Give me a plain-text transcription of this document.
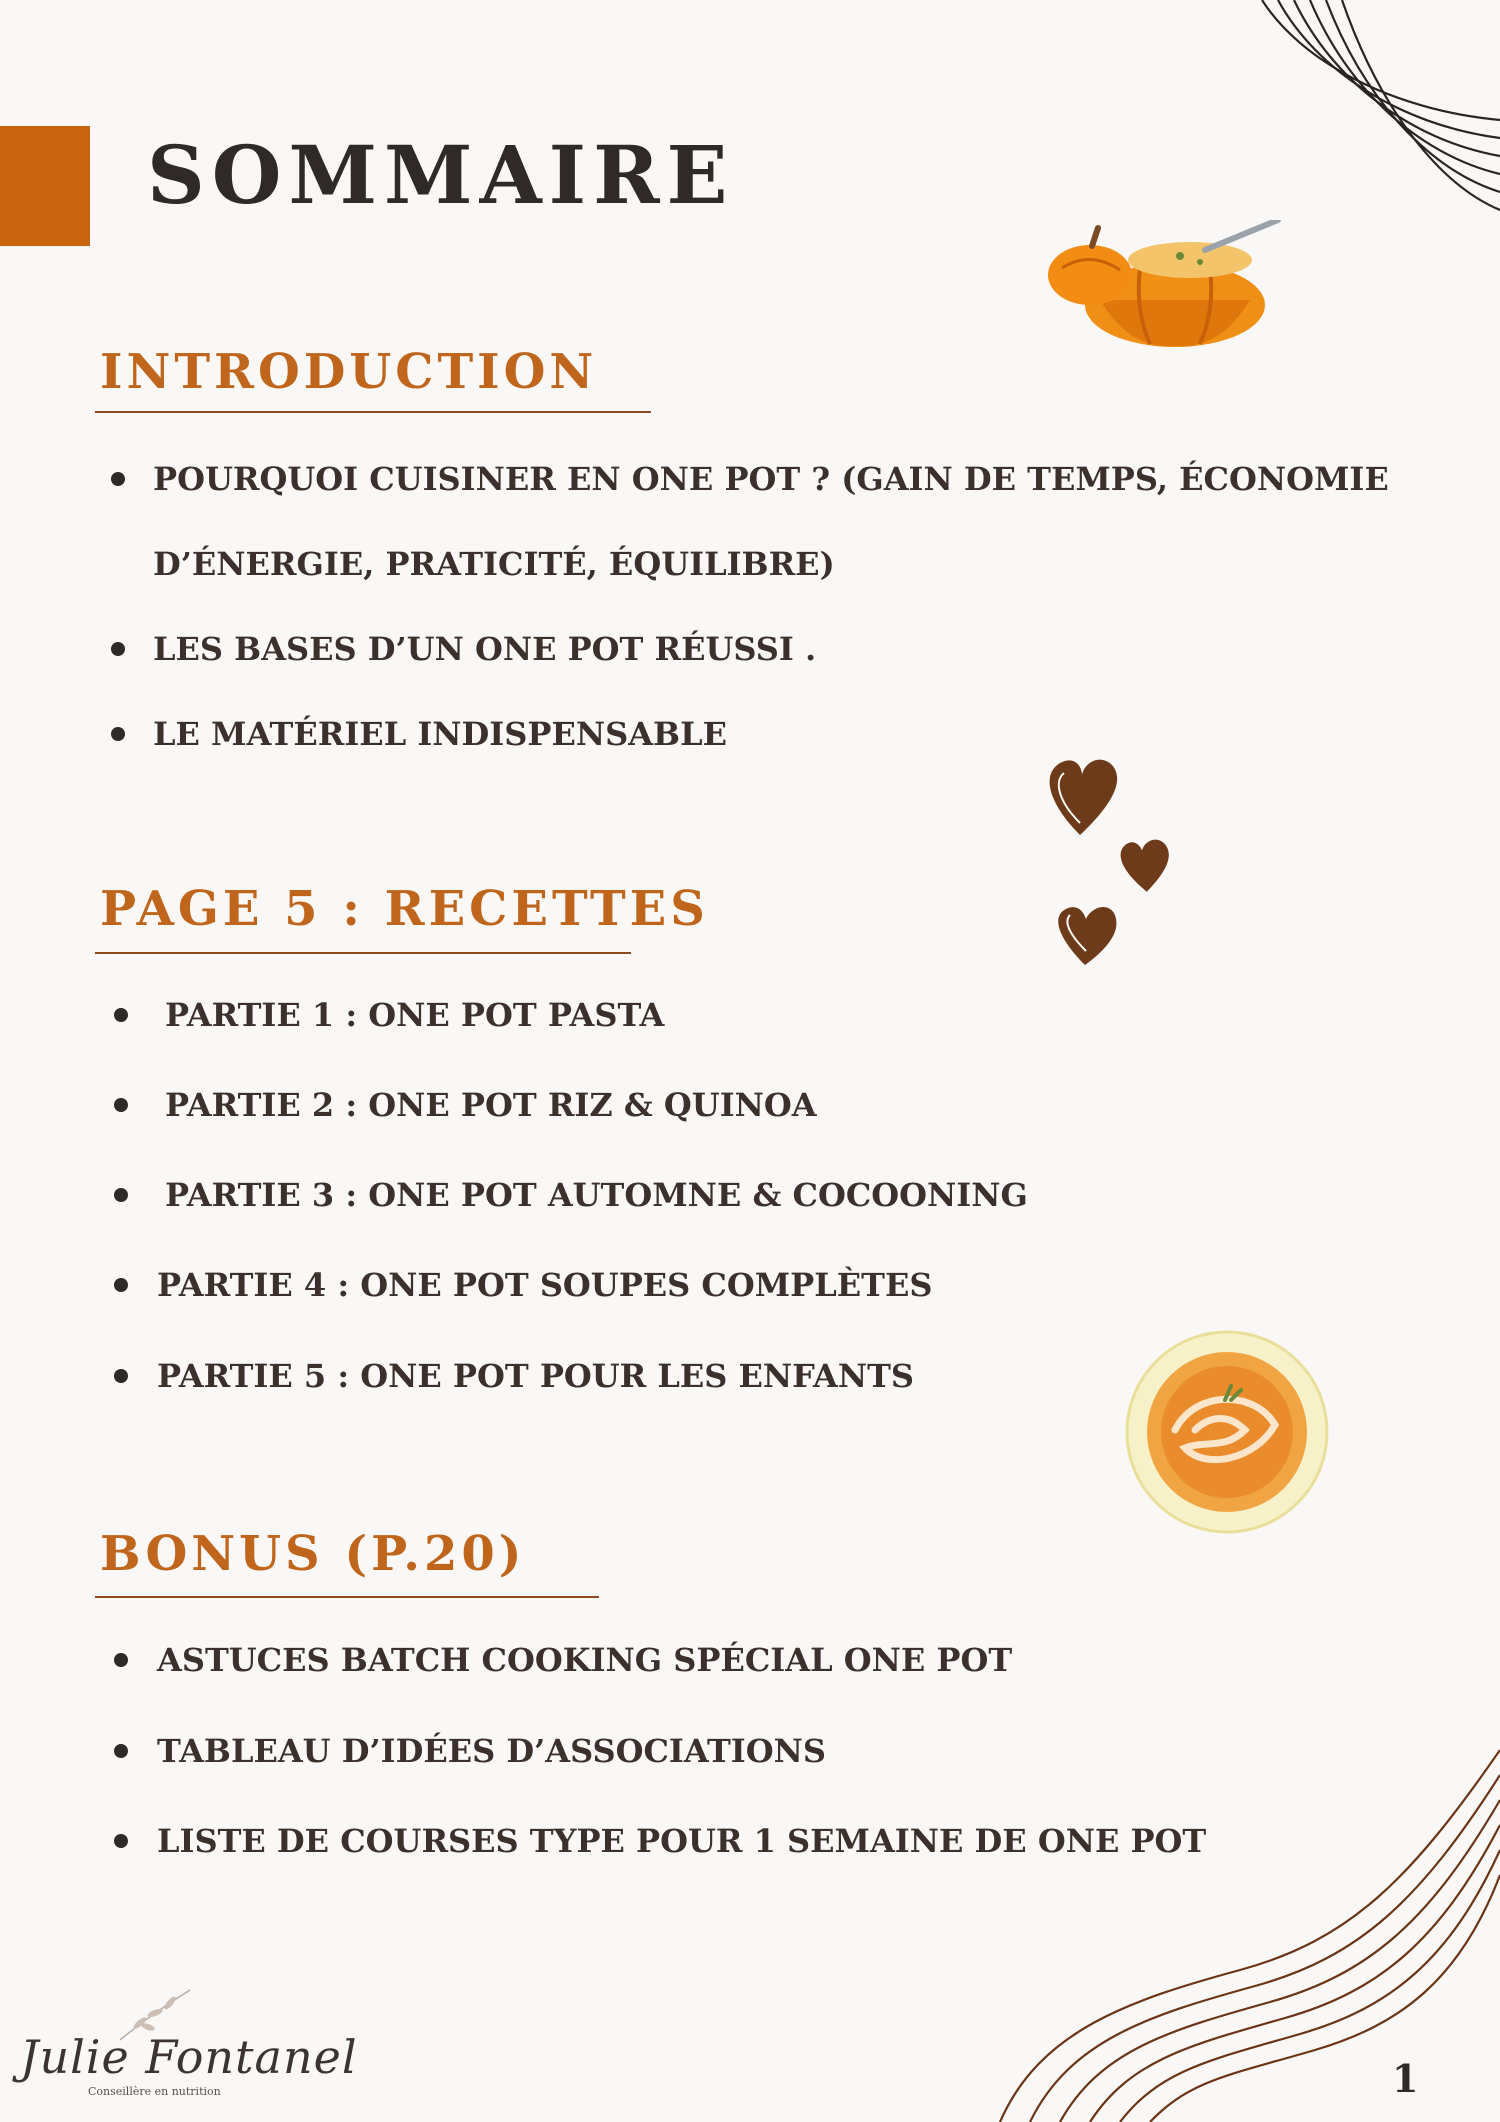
SOMMAIRE
INTRODUCTION
POURQUOI CUISINER EN ONE POT ? (GAIN DE TEMPS, ÉCONOMIE
D’ÉNERGIE, PRATICITÉ, ÉQUILIBRE)
LES BASES D’UN ONE POT RÉUSSI .
LE MATÉRIEL INDISPENSABLE
PAGE 5 : RECETTES
PARTIE 1 : ONE POT PASTA
PARTIE 2 : ONE POT RIZ & QUINOA
PARTIE 3 : ONE POT AUTOMNE & COCOONING
PARTIE 4 : ONE POT SOUPES COMPLÈTES
PARTIE 5 : ONE POT POUR LES ENFANTS
BONUS (P.20)
ASTUCES BATCH COOKING SPÉCIAL ONE POT
TABLEAU D’IDÉES D’ASSOCIATIONS
LISTE DE COURSES TYPE POUR 1 SEMAINE DE ONE POT
Julie Fontanel
Conseillère en nutrition	1
